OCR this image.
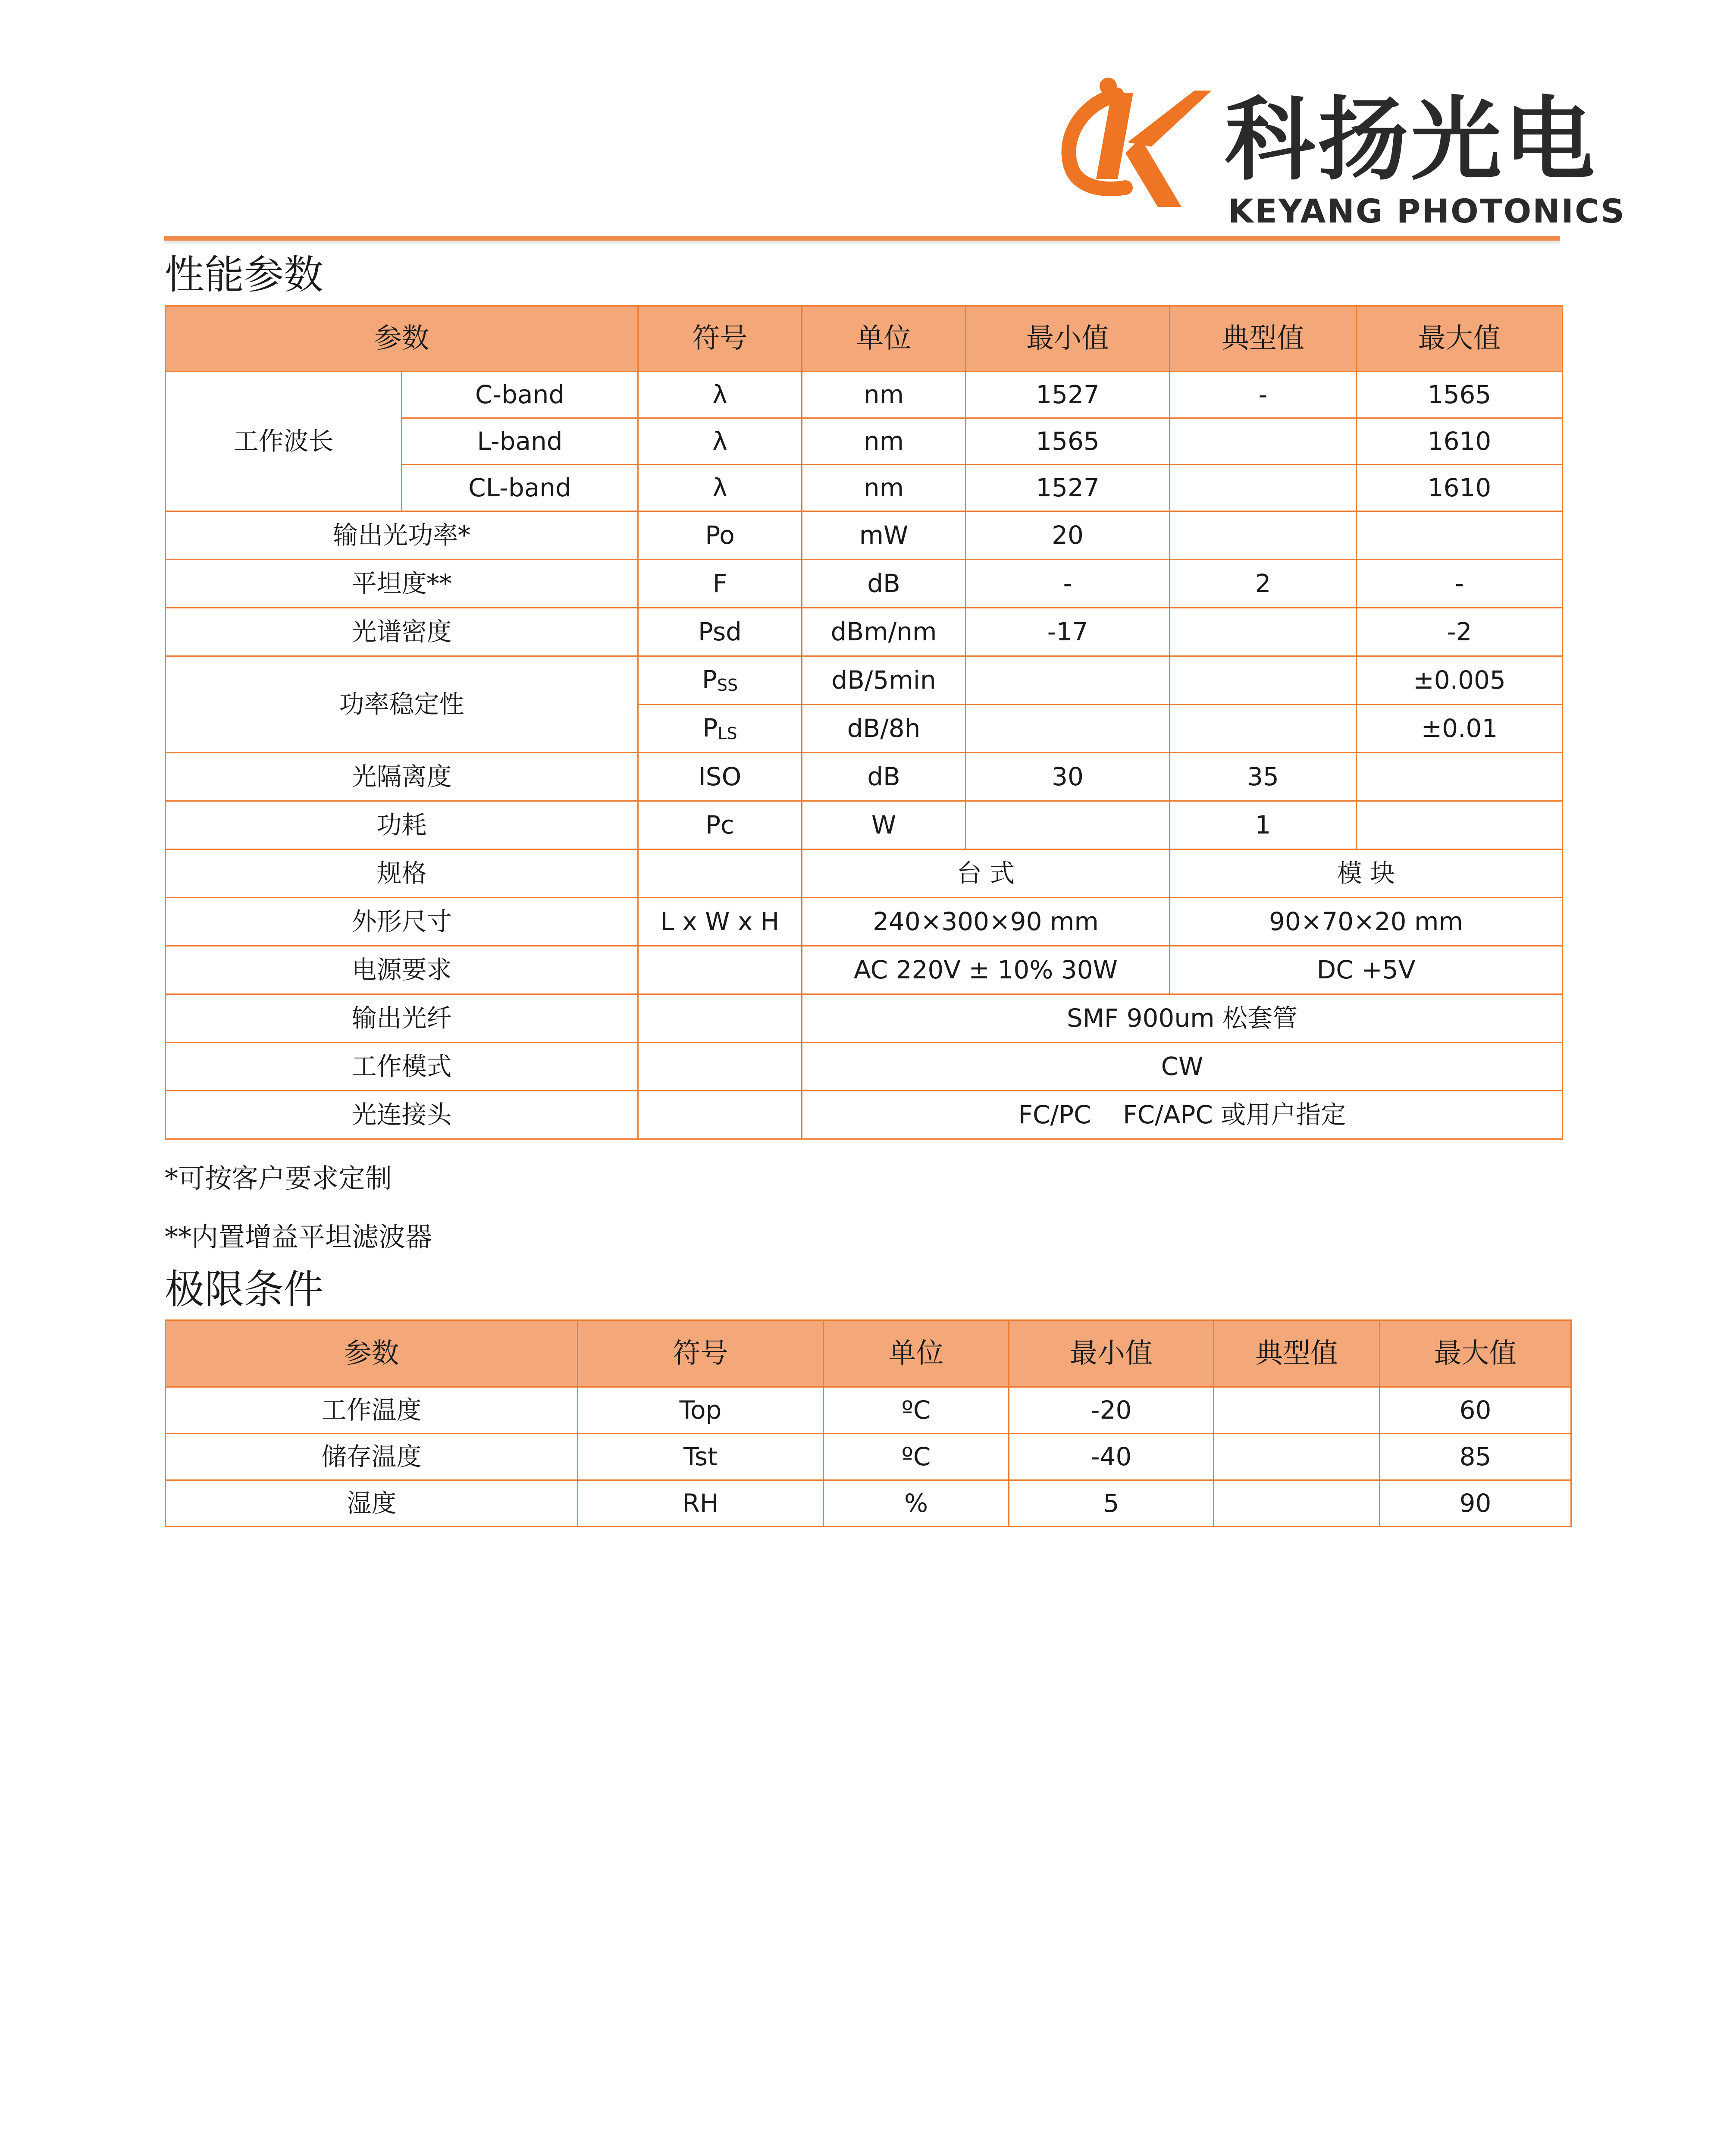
科扬光电
KEYANG PHOTONICS
性能参数
参数		符号	单位	最小值	典型值	最大值
工作波长	C-band	λ	nm	1527	-	1565
	L-band	λ	nm	1565		1610
	CL-band	λ	nm	1527		1610
输出光功率*		Po	mW	20		
平坦度**		F	dB	-	2	-
光谱密度		Psd	dBm/nm	-17		-2
功率稳定性		$P_{SS}$	dB/5min			±0.005
		$P_{LS}$	dB/8h			±0.01
光隔离度		ISO	dB	30	35	
功耗		Pc	W		1	
规格			台 式		模 块	
外形尺寸		L x W x H	240×300×90 mm		90×70×20 mm	
电源要求			AC 220V ± 10% 30W		DC +5V	
输出光纤			SMF 900um 松套管			
工作模式			CW			
光连接头			FC/PC    FC/APC 或用户指定			
*可按客户要求定制
**内置增益平坦滤波器
极限条件
参数	符号	单位	最小值	典型值	最大值
工作温度	Top	ºC	-20		60
储存温度	Tst	ºC	-40		85
湿度	RH	%	5		90
